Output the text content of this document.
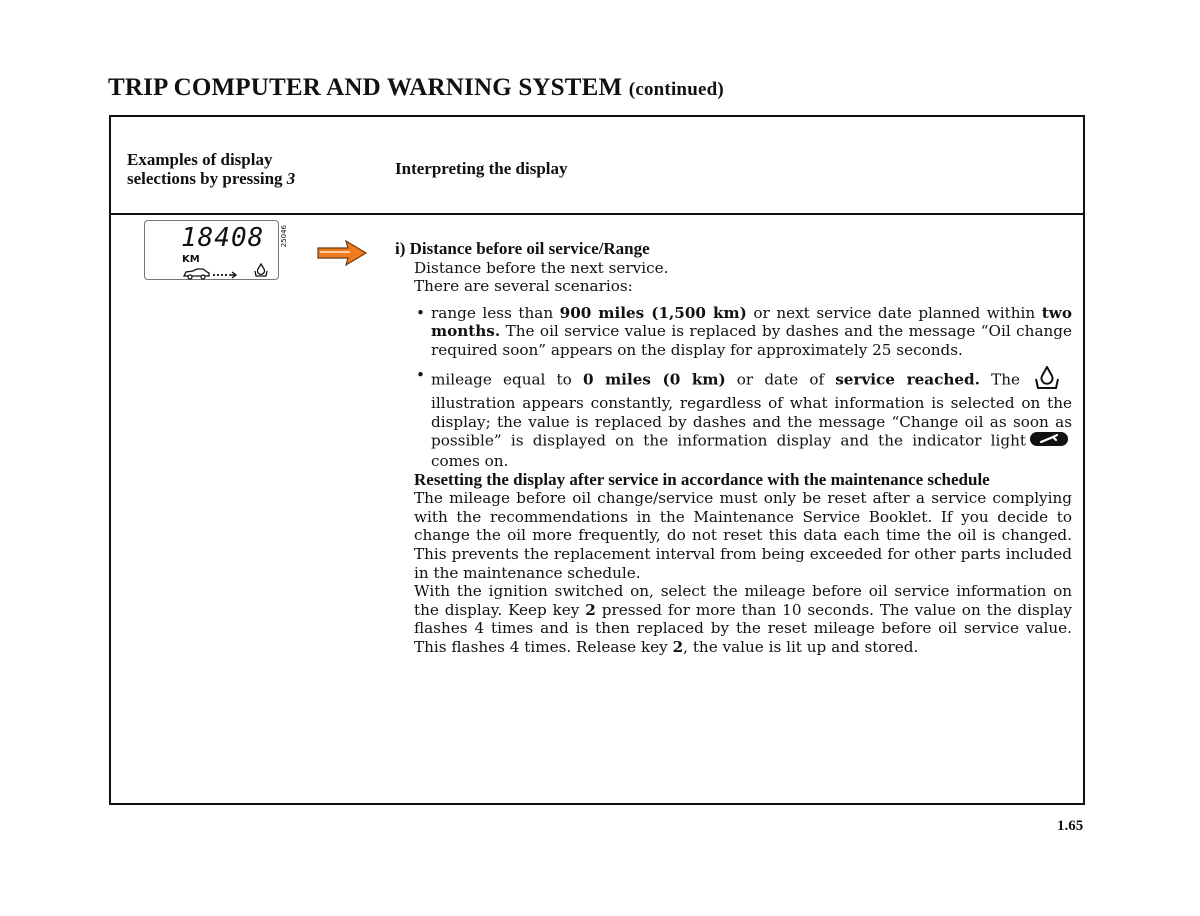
TRIP COMPUTER AND WARNING SYSTEM (continued)
Examples of display
selections by pressing 3
Interpreting the display
18408
KM
25046

i) Distance before oil service/Range

Distance before the next service.

There are several scenarios:

• range less than 900 miles (1,500 km) or next service date planned within two months. The oil service value is replaced by dashes and the message “Oil change required soon” appears on the display for approximately 25 seconds.
• mileage equal to 0 miles (0 km) or date of service reached. Theillustration appears constantly, regardless of what information is selected on the display; the value is replaced by dashes and the message “Change oil as soon as possible” is displayed on the information display and the indicator lightcomes on.

Resetting the display after service in accordance with the maintenance schedule

The mileage before oil change/service must only be reset after a service complying with the recommendations in the Maintenance Service Booklet. If you decide to change the oil more frequently, do not reset this data each time the oil is changed. This prevents the replacement interval from being exceeded for other parts included in the maintenance schedule.

With the ignition switched on, select the mileage before oil service information on the display. Keep key 2 pressed for more than 10 seconds. The value on the display flashes 4 times and is then replaced by the reset mileage before oil service value. This flashes 4 times. Release key 2, the value is lit up and stored.

1.65
